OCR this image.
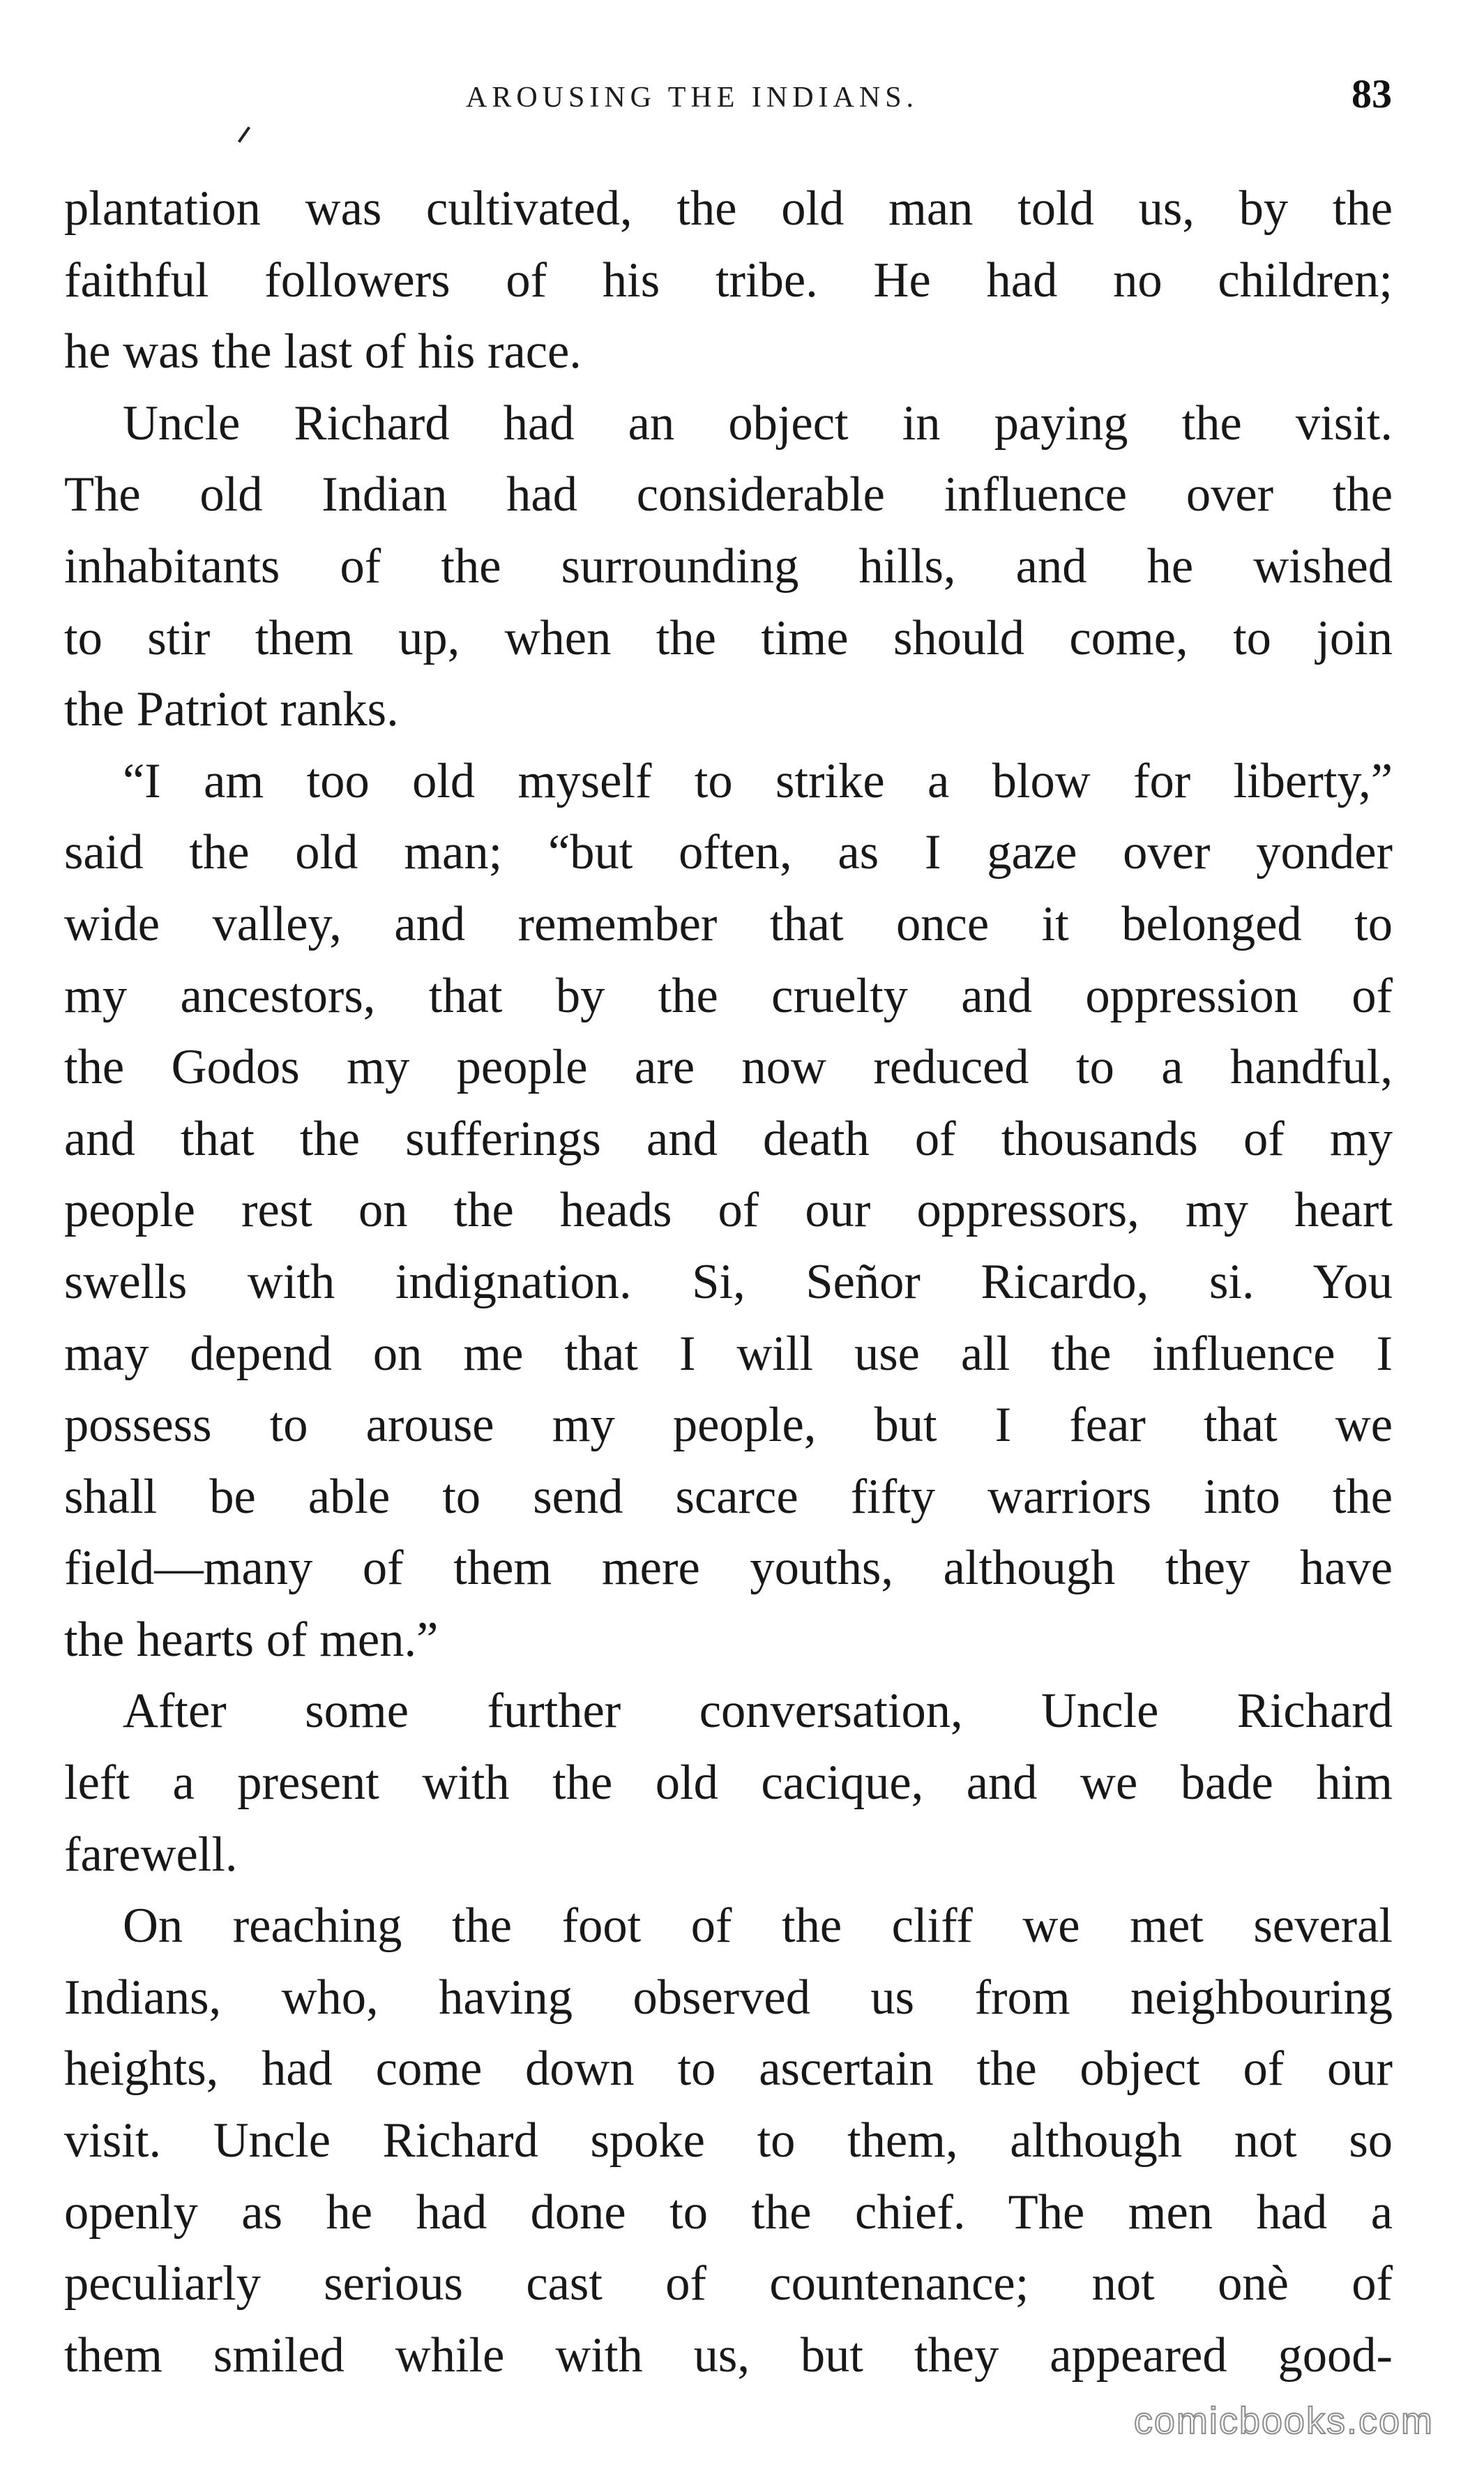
AROUSING THE INDIANS.	83
plantation was cultivated, the old man told us, by the
faithful followers of his tribe. He had no children;
he was the last of his race.
Uncle Richard had an object in paying the visit.
The old Indian had considerable influence over the
inhabitants of the surrounding hills, and he wished
to stir them up, when the time should come, to join
the Patriot ranks.
“I am too old myself to strike a blow for liberty,”
said the old man; “but often, as I gaze over yonder
wide valley, and remember that once it belonged to
my ancestors, that by the cruelty and oppression of
the Godos my people are now reduced to a handful,
and that the sufferings and death of thousands of my
people rest on the heads of our oppressors, my heart
swells with indignation. Si, Señor Ricardo, si. You
may depend on me that I will use all the influence I
possess to arouse my people, but I fear that we
shall be able to send scarce fifty warriors into the
field—many of them mere youths, although they have
the hearts of men.”
After some further conversation, Uncle Richard
left a present with the old cacique, and we bade him
farewell.
On reaching the foot of the cliff we met several
Indians, who, having observed us from neighbouring
heights, had come down to ascertain the object of our
visit. Uncle Richard spoke to them, although not so
openly as he had done to the chief. The men had a
peculiarly serious cast of countenance; not onè of
them smiled while with us, but they appeared good-
comicbooks.com
